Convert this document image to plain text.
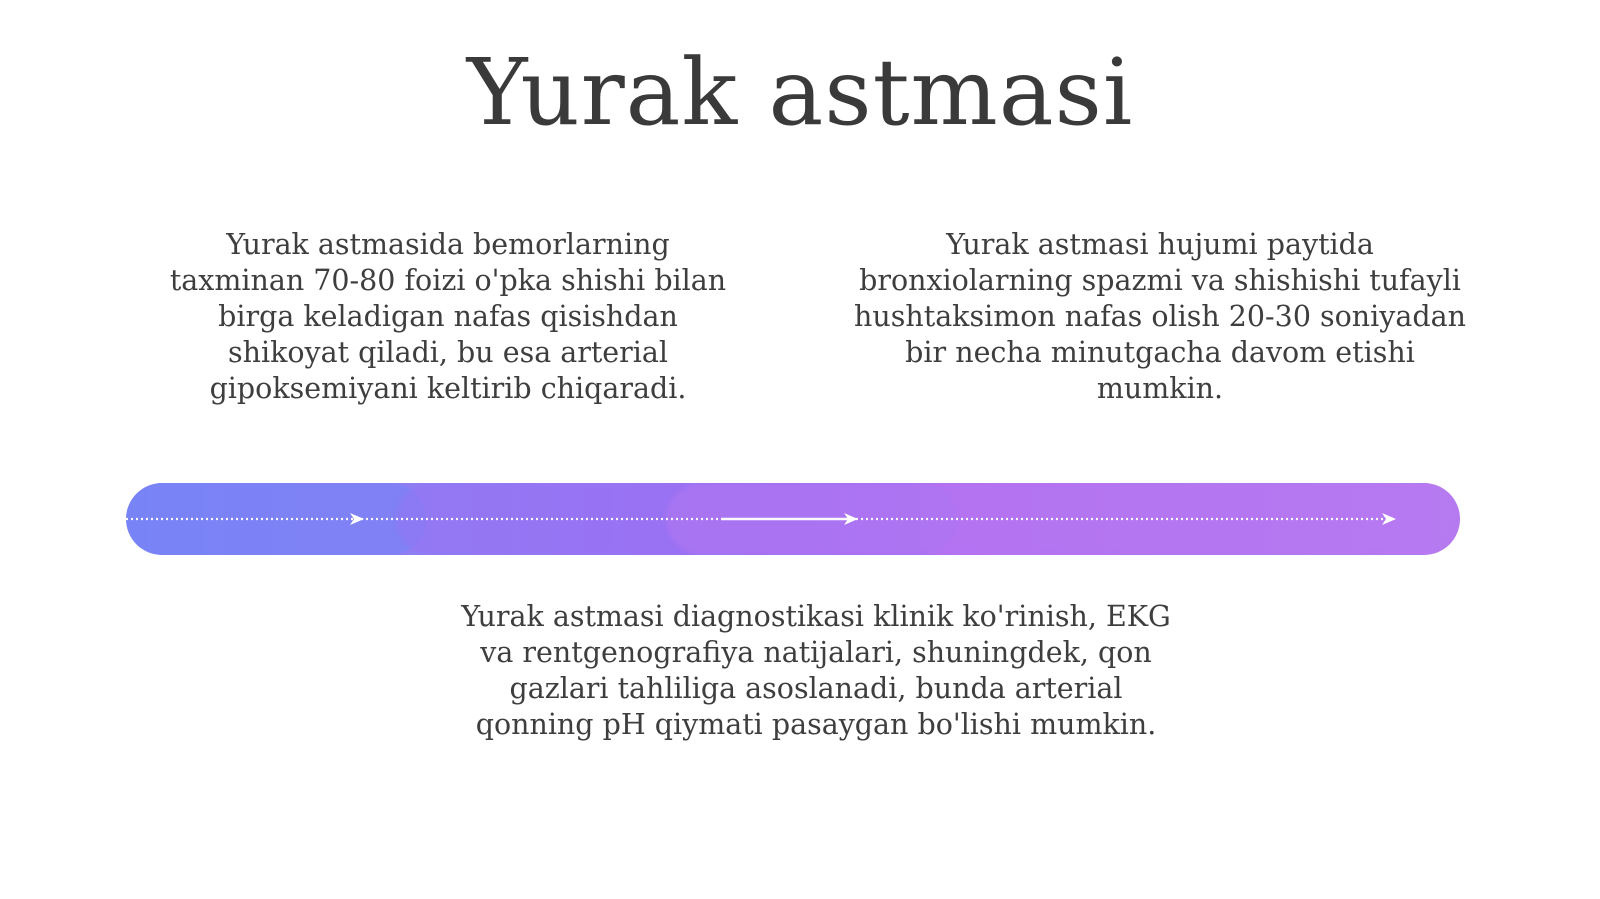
Yurak astmasi

Yurak astmasida bemorlarning taxminan 70-80 foizi o'pka shishi bilan birga keladigan nafas qisishdan shikoyat qiladi, bu esa arterial gipoksemiyani keltirib chiqaradi.

Yurak astmasi hujumi paytida bronxiolarning spazmi va shishishi tufayli hushtaksimon nafas olish 20-30 soniyadan bir necha minutgacha davom etishi mumkin.

Yurak astmasi diagnostikasi klinik ko'rinish, EKG va rentgenografiya natijalari, shuningdek, qon gazlari tahliliga asoslanadi, bunda arterial qonning pH qiymati pasaygan bo'lishi mumkin.
